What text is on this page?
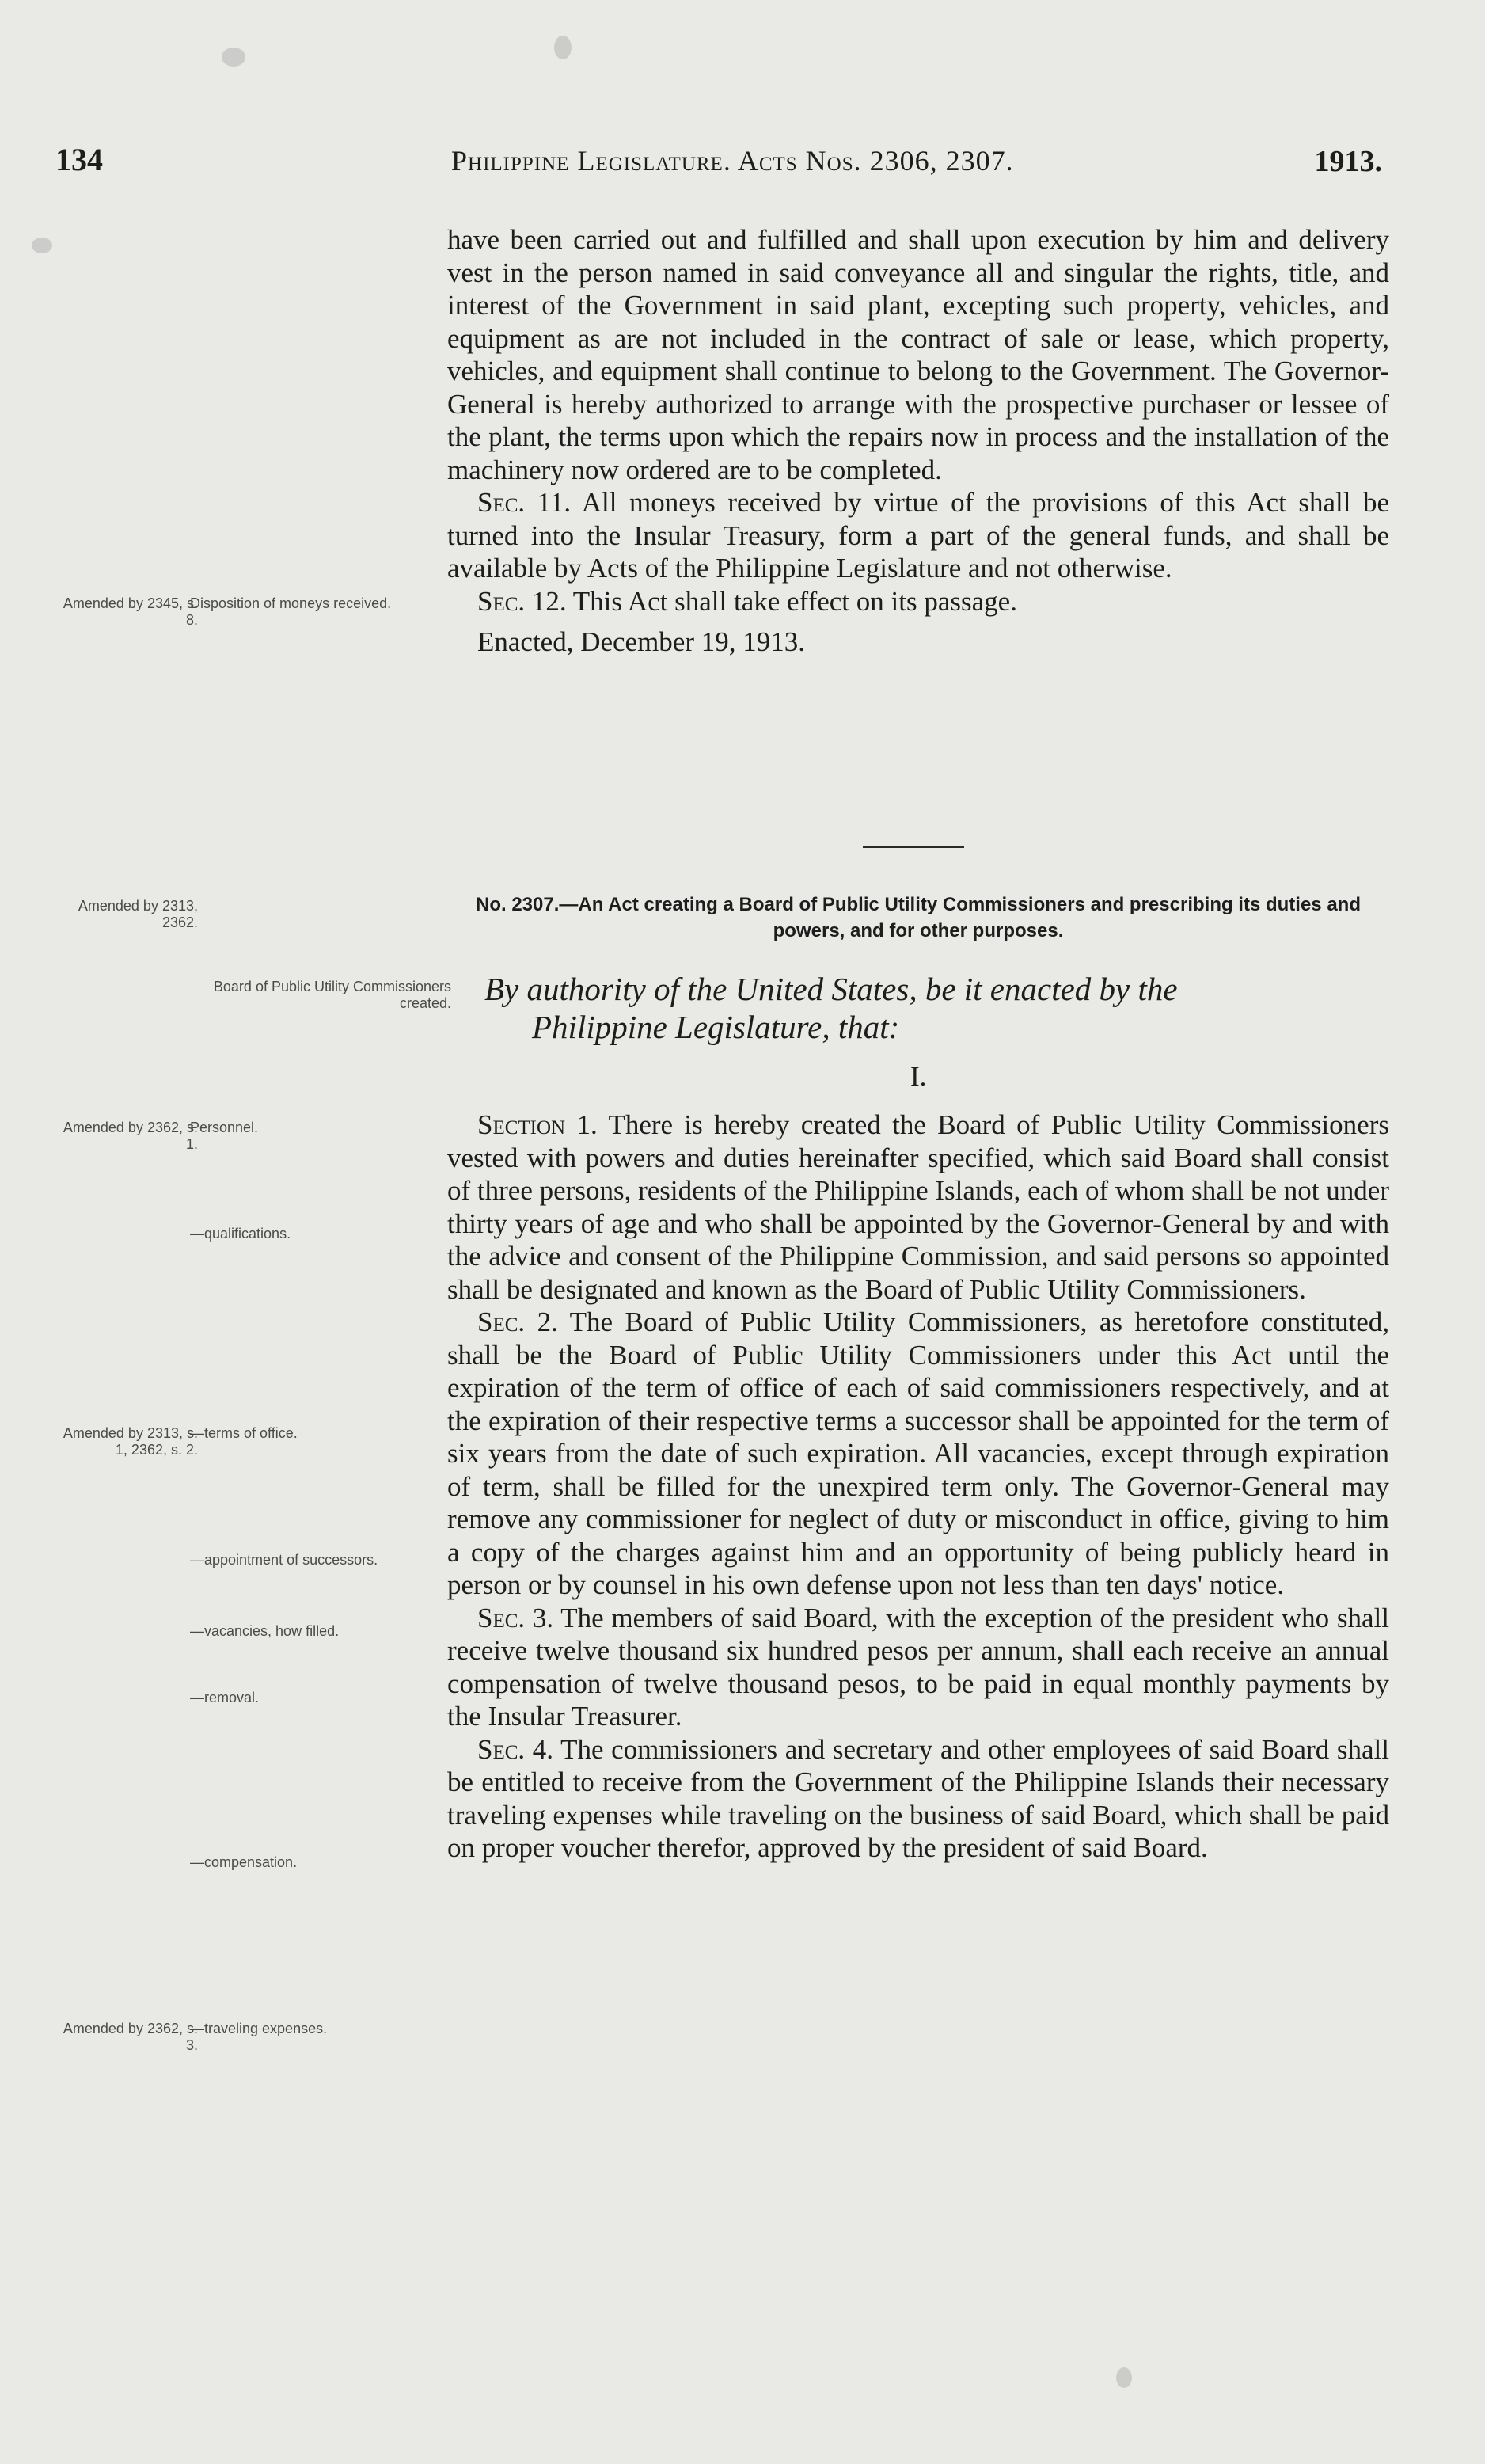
134	Philippine Legislature. Acts Nos. 2306, 2307.	1913.

have been carried out and fulfilled and shall upon execution by him and delivery vest in the person named in said conveyance all and singular the rights, title, and interest of the Government in said plant, excepting such property, vehicles, and equipment as are not included in the contract of sale or lease, which property, vehicles, and equipment shall continue to belong to the Government. The Governor-General is hereby authorized to arrange with the prospective purchaser or lessee of the plant, the terms upon which the repairs now in process and the installation of the machinery now ordered are to be completed.

Sec. 11. All moneys received by virtue of the provisions of this Act shall be turned into the Insular Treasury, form a part of the general funds, and shall be available by Acts of the Philippine Legislature and not otherwise.

Sec. 12. This Act shall take effect on its passage.

Enacted, December 19, 1913.

Amended by 2345, s. 8.
Disposition of moneys received.
Amended by 2313, 2362.
No. 2307.—An Act creating a Board of Public Utility Commissioners and prescribing its duties and powers, and for other purposes.
Board of Public Utility Commissioners created. By authority of the United States, be it enacted by the
Philippine Legislature, that:
I.

Section 1. There is hereby created the Board of Public Utility Commissioners vested with powers and duties hereinafter specified, which said Board shall consist of three persons, residents of the Philippine Islands, each of whom shall be not under thirty years of age and who shall be appointed by the Governor-General by and with the advice and consent of the Philippine Commission, and said persons so appointed shall be designated and known as the Board of Public Utility Commissioners.

Sec. 2. The Board of Public Utility Commissioners, as heretofore constituted, shall be the Board of Public Utility Commissioners under this Act until the expiration of the term of office of each of said commissioners respectively, and at the expiration of their respective terms a successor shall be appointed for the term of six years from the date of such expiration. All vacancies, except through expiration of term, shall be filled for the unexpired term only. The Governor-General may remove any commissioner for neglect of duty or misconduct in office, giving to him a copy of the charges against him and an opportunity of being publicly heard in person or by counsel in his own defense upon not less than ten days' notice.

Sec. 3. The members of said Board, with the exception of the president who shall receive twelve thousand six hundred pesos per annum, shall each receive an annual compensation of twelve thousand pesos, to be paid in equal monthly payments by the Insular Treasurer.

Sec. 4. The commissioners and secretary and other employees of said Board shall be entitled to receive from the Government of the Philippine Islands their necessary traveling expenses while traveling on the business of said Board, which shall be paid on proper voucher therefor, approved by the president of said Board.

Amended by 2362, s. 1.
Personnel.
—qualifications.
Amended by 2313, s. 1, 2362, s. 2.
—terms of office.
—appointment of successors.
—vacancies, how filled.
—removal.
—compensation.
Amended by 2362, s. 3.
—traveling expenses.
